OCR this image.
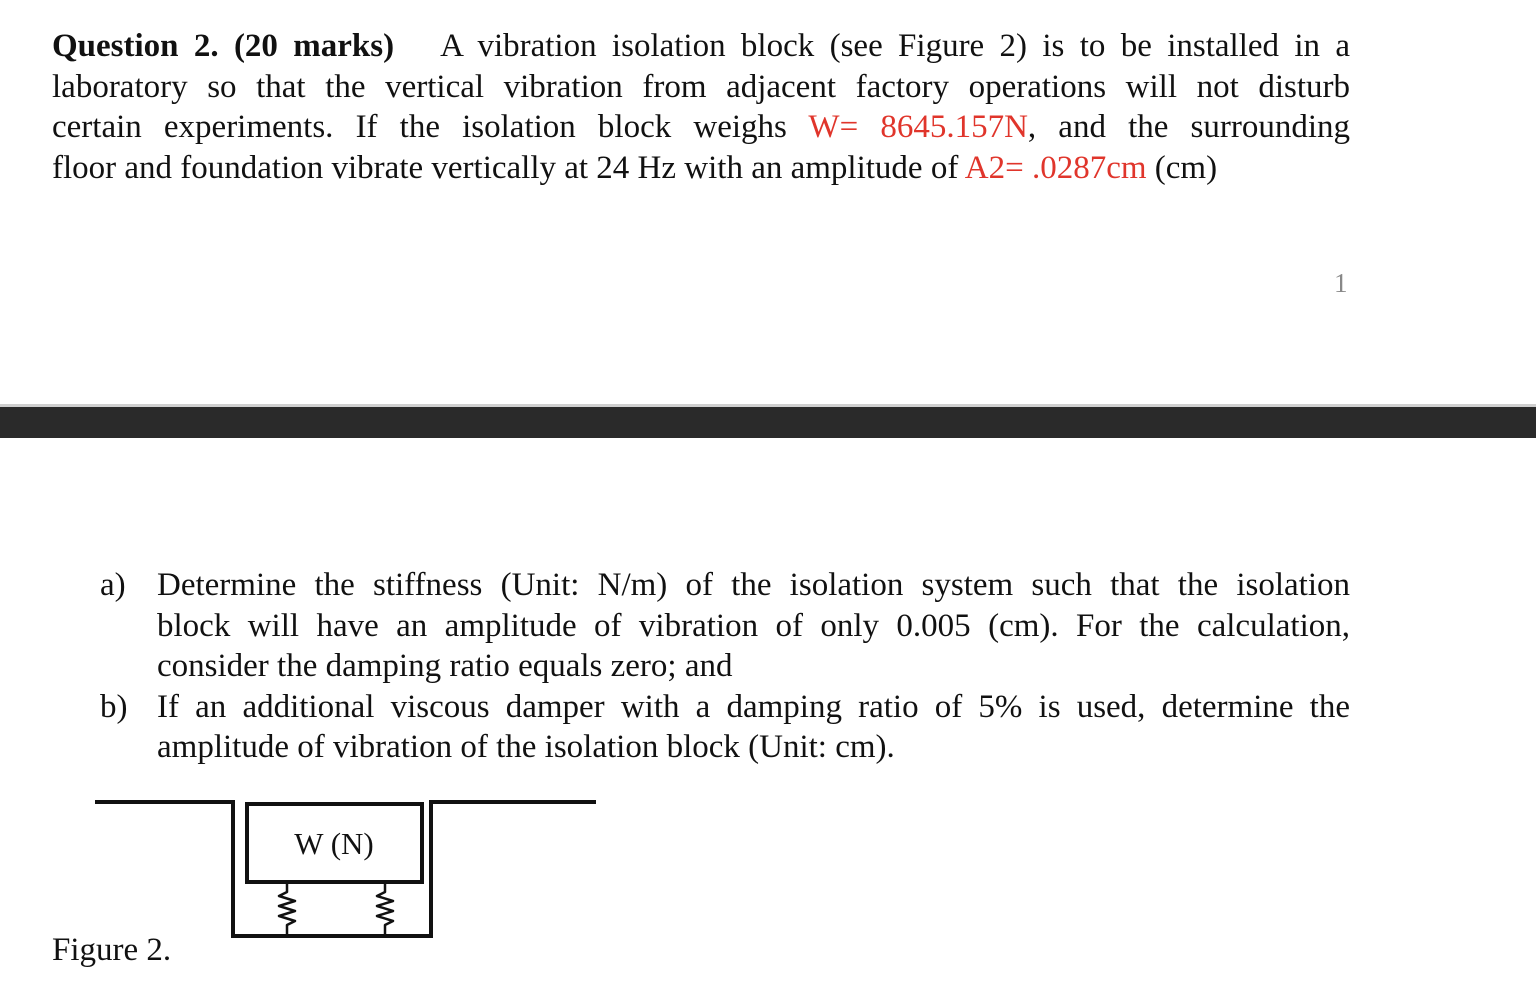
Question 2. (20 marks) A vibration isolation block (see Figure 2) is to be installed in a
laboratory so that the vertical vibration from adjacent factory operations will not disturb
certain experiments. If the isolation block weighs W= 8645.157N, and the surrounding
floor and foundation vibrate vertically at 24 Hz with an amplitude of A2= .0287cm (cm)
1
a) Determine the stiffness (Unit: N/m) of the isolation system such that the isolation
block will have an amplitude of vibration of only 0.005 (cm). For the calculation,
consider the damping ratio equals zero; and
b) If an additional viscous damper with a damping ratio of 5% is used, determine the
amplitude of vibration of the isolation block (Unit: cm).
W (N)
Figure 2.
